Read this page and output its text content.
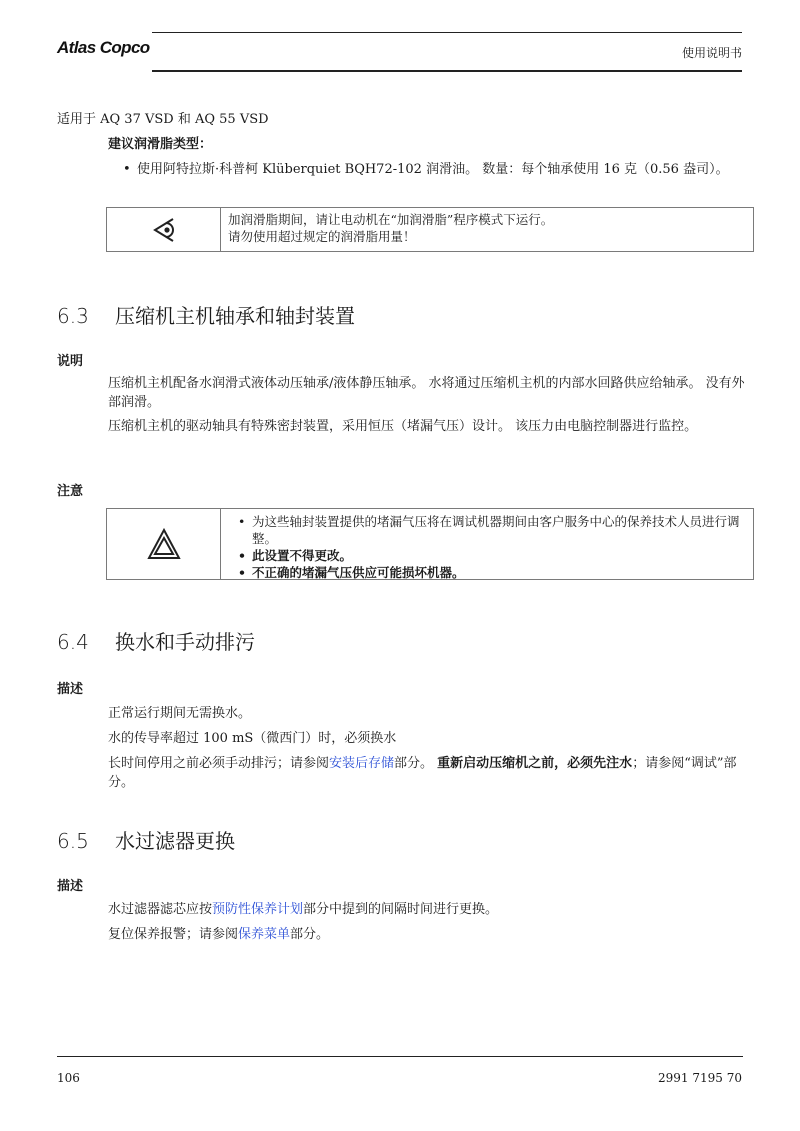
Atlas Copco	使用说明书
适用于 AQ 37 VSD 和 AQ 55 VSD
建议润滑脂类型：
• 使用阿特拉斯·科普柯 Klüberquiet BQH72-102 润滑油。 数量：每个轴承使用 16 克（0.56 盎司）。
加润滑脂期间，请让电动机在“加润滑脂”程序模式下运行。
请勿使用超过规定的润滑脂用量！
6.3 压缩机主机轴承和轴封装置
说明
压缩机主机配备水润滑式液体动压轴承/液体静压轴承。 水将通过压缩机主机的内部水回路供应给轴承。 没有外部润滑。
压缩机主机的驱动轴具有特殊密封装置，采用恒压（堵漏气压）设计。 该压力由电脑控制器进行监控。
注意
• 为这些轴封装置提供的堵漏气压将在调试机器期间由客户服务中心的保养技术人员进行调整。
• 此设置不得更改。
• 不正确的堵漏气压供应可能损坏机器。
6.4 换水和手动排污
描述
正常运行期间无需换水。
水的传导率超过 100 mS（微西门）时，必须换水
长时间停用之前必须手动排污；请参阅安装后存储部分。 重新启动压缩机之前，必须先注水；请参阅“调试”部分。
6.5 水过滤器更换
描述
水过滤器滤芯应按预防性保养计划部分中提到的间隔时间进行更换。
复位保养报警；请参阅保养菜单部分。
106	2991 7195 70
